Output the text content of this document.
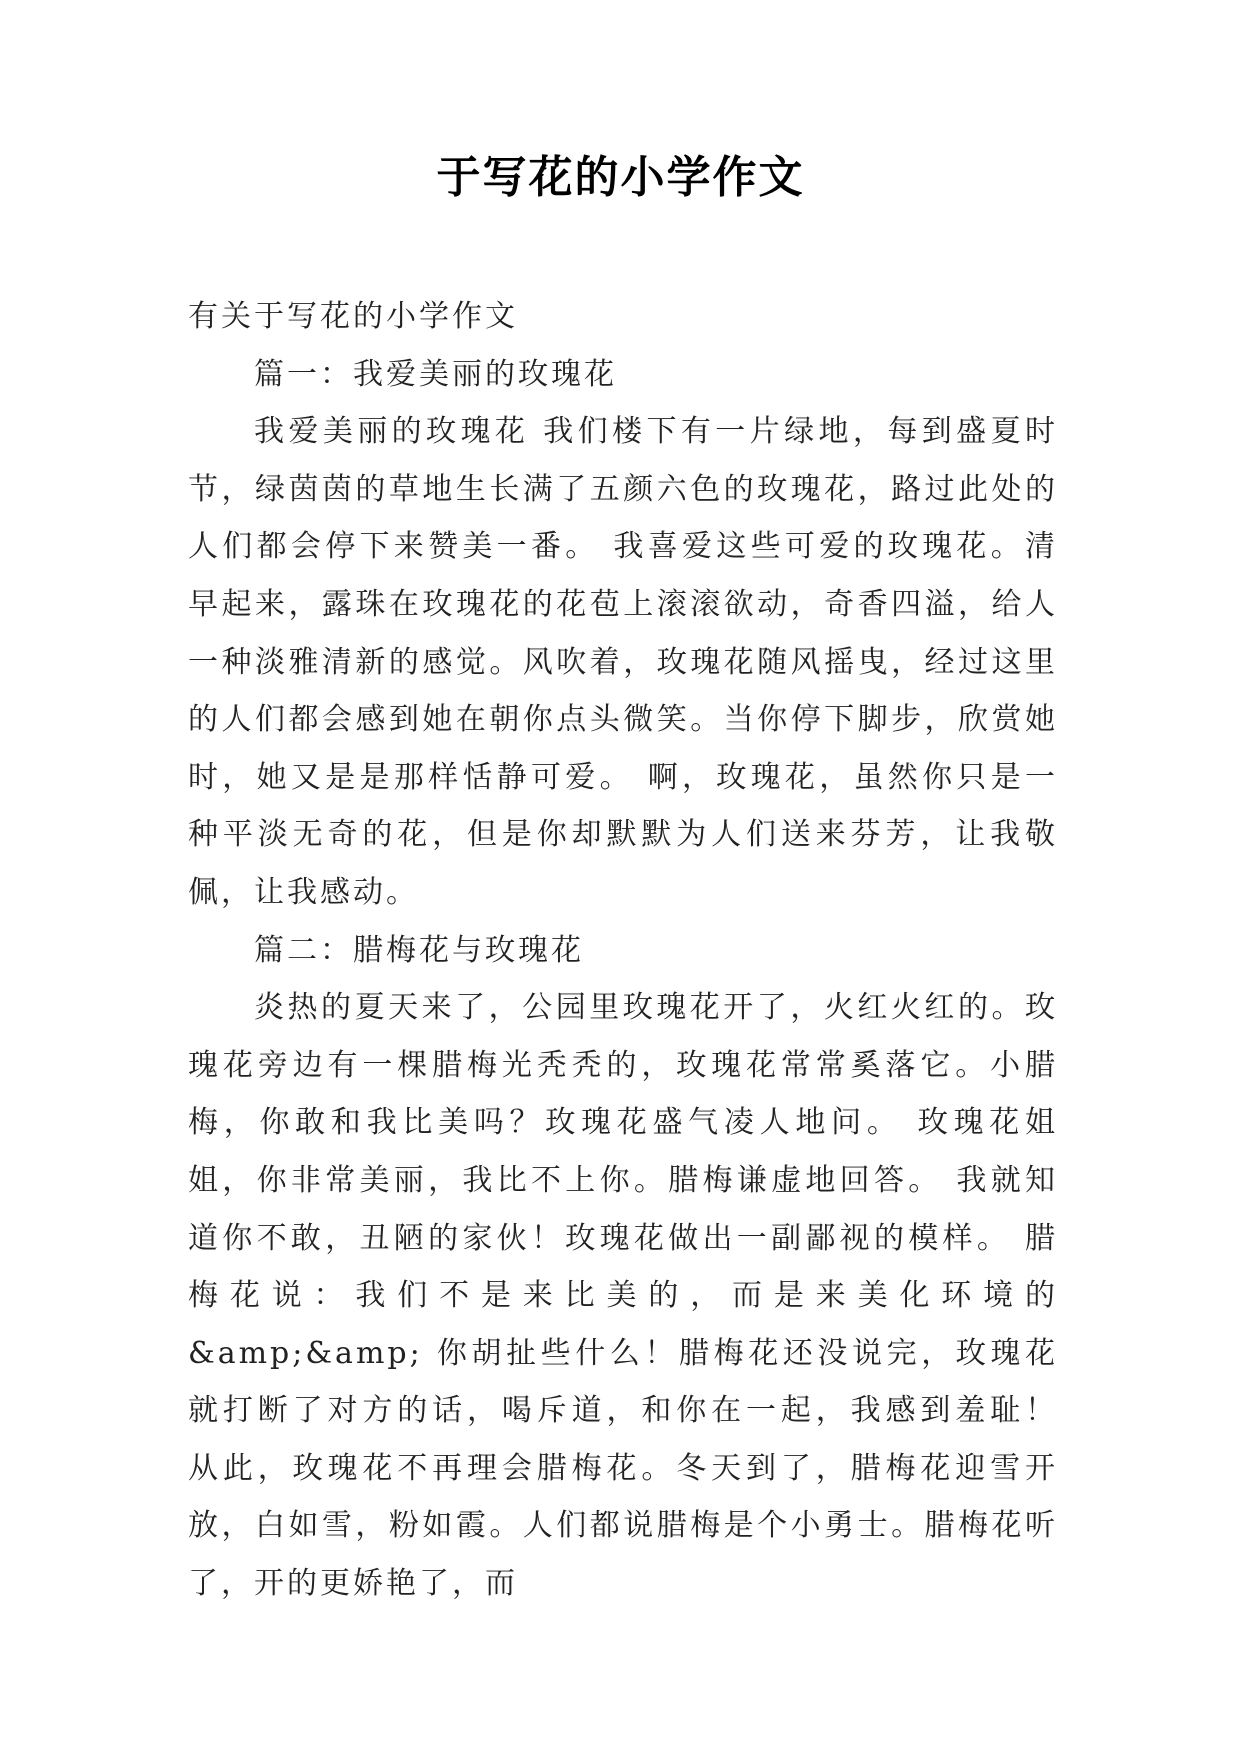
于写花的小学作文

有关于写花的小学作文

篇一：我爱美丽的玫瑰花

我爱美丽的玫瑰花 我们楼下有一片绿地，每到盛夏时节，绿茵茵的草地生长满了五颜六色的玫瑰花，路过此处的人们都会停下来赞美一番。 我喜爱这些可爱的玫瑰花。清早起来，露珠在玫瑰花的花苞上滚滚欲动，奇香四溢，给人一种淡雅清新的感觉。风吹着，玫瑰花随风摇曳，经过这里的人们都会感到她在朝你点头微笑。当你停下脚步，欣赏她时，她又是是那样恬静可爱。 啊，玫瑰花，虽然你只是一种平淡无奇的花，但是你却默默为人们送来芬芳，让我敬佩，让我感动。

篇二：腊梅花与玫瑰花

炎热的夏天来了，公园里玫瑰花开了，火红火红的。玫瑰花旁边有一棵腊梅光秃秃的，玫瑰花常常奚落它。小腊梅，你敢和我比美吗？玫瑰花盛气凌人地问。 玫瑰花姐姐，你非常美丽，我比不上你。腊梅谦虚地回答。 我就知道你不敢，丑陋的家伙！玫瑰花做出一副鄙视的模样。 腊梅花说：我们不是来比美的，而是来美化环境的&amp;&amp; 你胡扯些什么！腊梅花还没说完，玫瑰花就打断了对方的话，喝斥道，和你在一起，我感到羞耻！ 从此，玫瑰花不再理会腊梅花。冬天到了，腊梅花迎雪开放，白如雪，粉如霞。人们都说腊梅是个小勇士。腊梅花听了，开的更娇艳了，而
